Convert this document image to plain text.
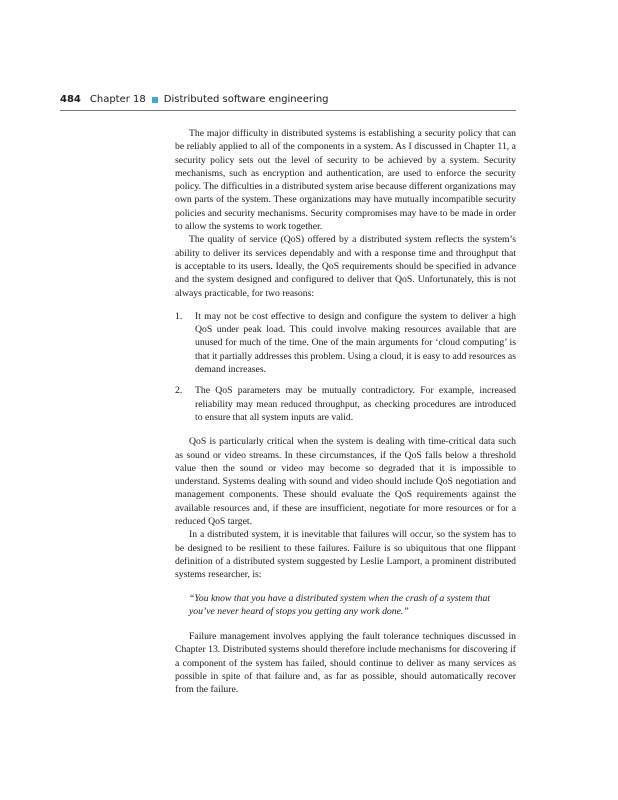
484 Chapter 18 Distributed software engineering

The major difficulty in distributed systems is establishing a security policy that can be reliably applied to all of the components in a system. As I discussed in Chapter 11, a security policy sets out the level of security to be achieved by a system. Security mechanisms, such as encryption and authentication, are used to enforce the security policy. The difficulties in a distributed system arise because different organizations may own parts of the system. These organizations may have mutually incompatible security policies and security mechanisms. Security compromises may have to be made in order to allow the systems to work together.

The quality of service (QoS) offered by a distributed system reflects the system’s ability to deliver its services dependably and with a response time and throughput that is acceptable to its users. Ideally, the QoS requirements should be specified in advance and the system designed and configured to deliver that QoS. Unfortunately, this is not always practicable, for two reasons:

1. It may not be cost effective to design and configure the system to deliver a high QoS under peak load. This could involve making resources available that are unused for much of the time. One of the main arguments for ‘cloud computing’ is that it partially addresses this problem. Using a cloud, it is easy to add resources as demand increases.
2. The QoS parameters may be mutually contradictory. For example, increased reliability may mean reduced throughput, as checking procedures are introduced to ensure that all system inputs are valid.

QoS is particularly critical when the system is dealing with time-critical data such as sound or video streams. In these circumstances, if the QoS falls below a threshold value then the sound or video may become so degraded that it is impossible to understand. Systems dealing with sound and video should include QoS negotiation and management components. These should evaluate the QoS requirements against the available resources and, if these are insufficient, negotiate for more resources or for a reduced QoS target.

In a distributed system, it is inevitable that failures will occur, so the system has to be designed to be resilient to these failures. Failure is so ubiquitous that one flippant definition of a distributed system suggested by Leslie Lamport, a prominent distributed systems researcher, is:

“You know that you have a distributed system when the crash of a system that you’ve never heard of stops you getting any work done.”

Failure management involves applying the fault tolerance techniques discussed in Chapter 13. Distributed systems should therefore include mechanisms for discovering if a component of the system has failed, should continue to deliver as many services as possible in spite of that failure and, as far as possible, should automatically recover from the failure.
